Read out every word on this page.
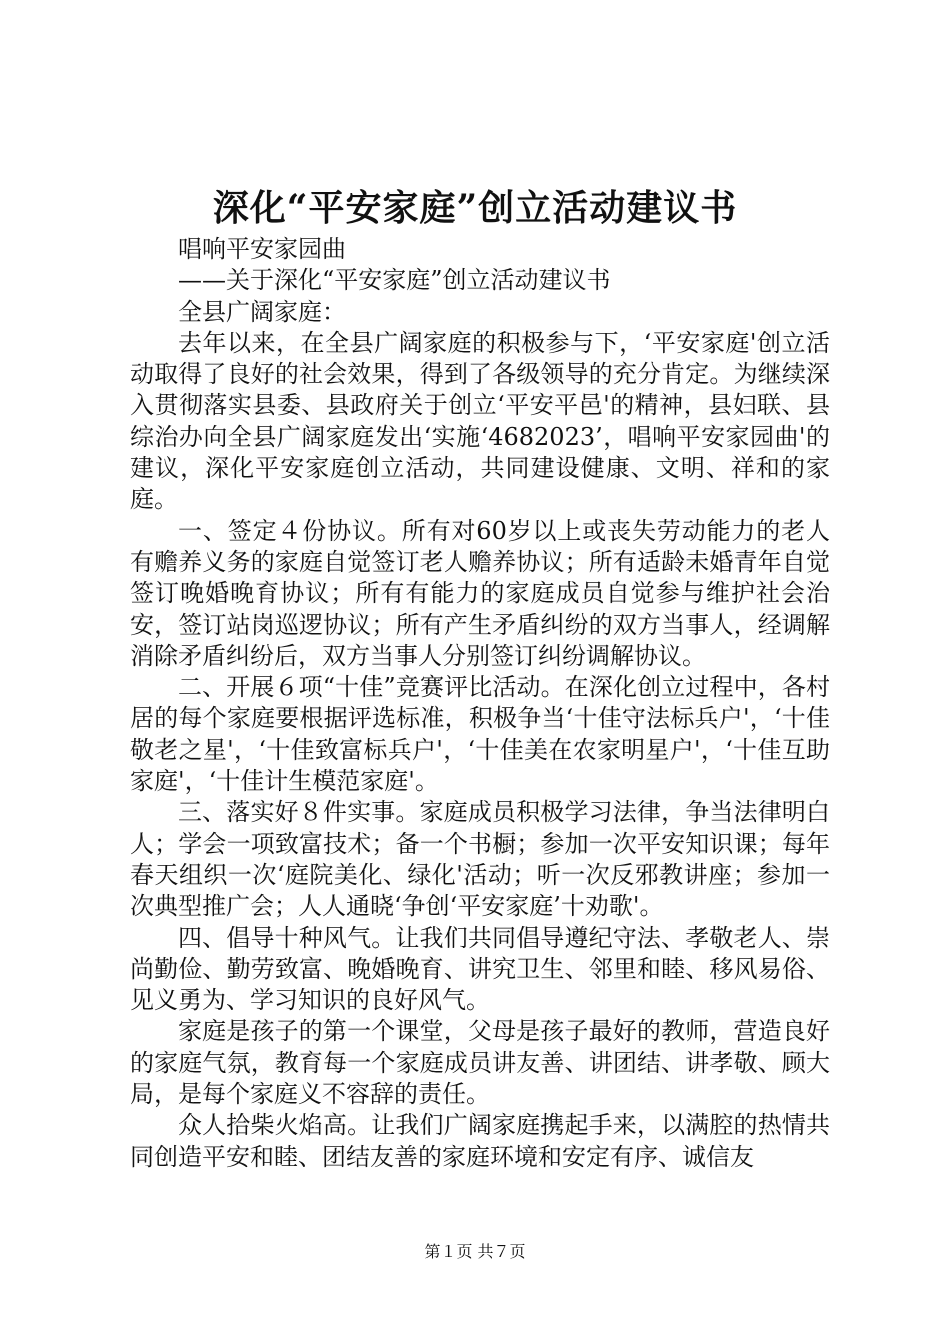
深化“平安家庭”创立活动建议书

唱响平安家园曲

——关于深化“平安家庭”创立活动建议书

全县广阔家庭：

去年以来，在全县广阔家庭的积极参与下，‘平安家庭'创立活动取得了良好的社会效果，得到了各级领导的充分肯定。为继续深入贯彻落实县委、县政府关于创立‘平安平邑'的精神，县妇联、县综治办向全县广阔家庭发出‘实施‘4682023’，唱响平安家园曲'的建议，深化平安家庭创立活动，共同建设健康、文明、祥和的家庭。

一、签定４份协议。所有对60岁以上或丧失劳动能力的老人有赡养义务的家庭自觉签订老人赡养协议；所有适龄未婚青年自觉签订晚婚晚育协议；所有有能力的家庭成员自觉参与维护社会治安，签订站岗巡逻协议；所有产生矛盾纠纷的双方当事人，经调解消除矛盾纠纷后，双方当事人分别签订纠纷调解协议。

二、开展６项“十佳”竞赛评比活动。在深化创立过程中，各村居的每个家庭要根据评选标准，积极争当‘十佳守法标兵户'，‘十佳敬老之星'，‘十佳致富标兵户'，‘十佳美在农家明星户'，‘十佳互助家庭'，‘十佳计生模范家庭'。

三、落实好８件实事。家庭成员积极学习法律，争当法律明白人；学会一项致富技术；备一个书橱；参加一次平安知识课；每年春天组织一次‘庭院美化、绿化'活动；听一次反邪教讲座；参加一次典型推广会；人人通晓‘争创‘平安家庭’十劝歌'。

四、倡导十种风气。让我们共同倡导遵纪守法、孝敬老人、崇尚勤俭、勤劳致富、晚婚晚育、讲究卫生、邻里和睦、移风易俗、见义勇为、学习知识的良好风气。

家庭是孩子的第一个课堂，父母是孩子最好的教师，营造良好的家庭气氛，教育每一个家庭成员讲友善、讲团结、讲孝敬、顾大局，是每个家庭义不容辞的责任。

众人拾柴火焰高。让我们广阔家庭携起手来，以满腔的热情共同创造平安和睦、团结友善的家庭环境和安定有序、诚信友

第１页 共７页
